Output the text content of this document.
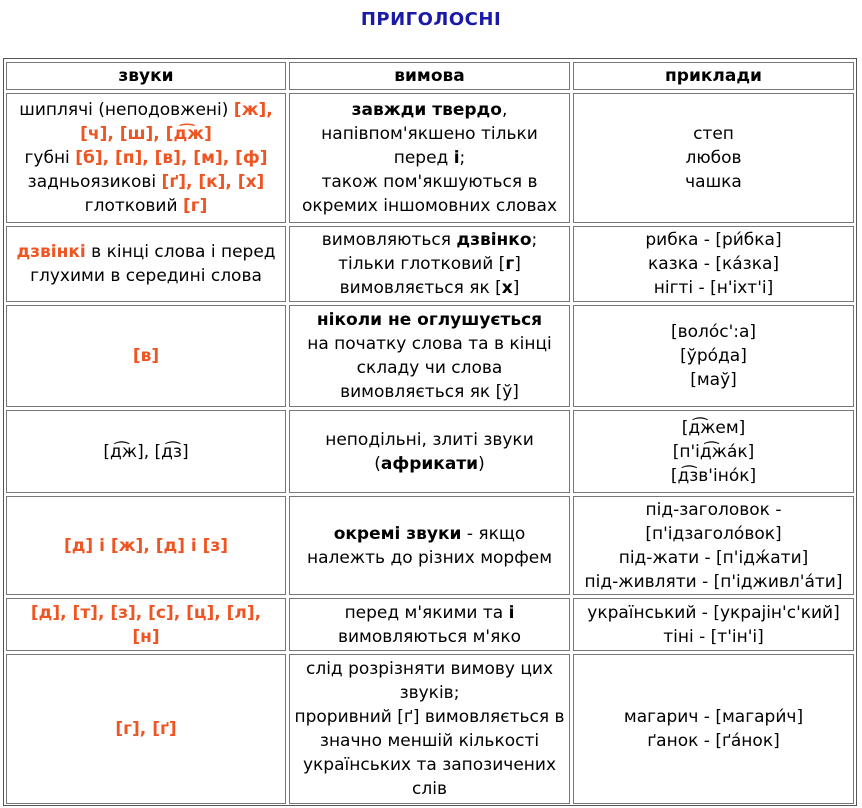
ПРИГОЛОСНІ
звуки	вимова	приклади
шиплячі (неподовжені) [ж],
[ч], [ш], [д͡ж]
губні [б], [п], [в], [м], [ф]
задньоязикові [ґ], [к], [х]
глотковий [г]
завжди твердо,
напівпом'якшено тільки
перед і;
також пом'якшуються в
окремих іншомовних словах
степ
любов
чашка
дзвінкі в кінці слова і перед
глухими в середині слова
вимовляються дзвінко;
тільки глотковий [г]
вимовляється як [х]
рибка - [ри́бка]
казка - [ка́зка]
нігті - [н'іхт'і]
[в]
ніколи не оглушується
на початку слова та в кінці
складу чи слова
вимовляється як [ў]
[воло́с':а]
[ўро́да]
[маў]
[д͡ж], [д͡з]
неподільні, злиті звуки
(африкати)
[д͡жем]
[п'ід͡жа́к]
[д͡зв'іно́к]
[д] і [ж], [д] і [з]
окремі звуки - якщо
належть до різних морфем
під-заголовок -
[п'ідзаголо́вок]
під-жати - [п'ідж́ати]
під-живляти - [п'ідживл'а́ти]
[д], [т], [з], [с], [ц], [л],
[н]
перед м'якими та і
вимовляються м'яко
український - [украјін'с'кий]
тіні - [т'ін'і]
[г], [ґ]
слід розрізняти вимову цих
звуків;
проривний [ґ] вимовляється в
значно меншій кількості
українських та запозичених
слів
магарич - [магари́ч]
ґанок - [ґа́нок]
